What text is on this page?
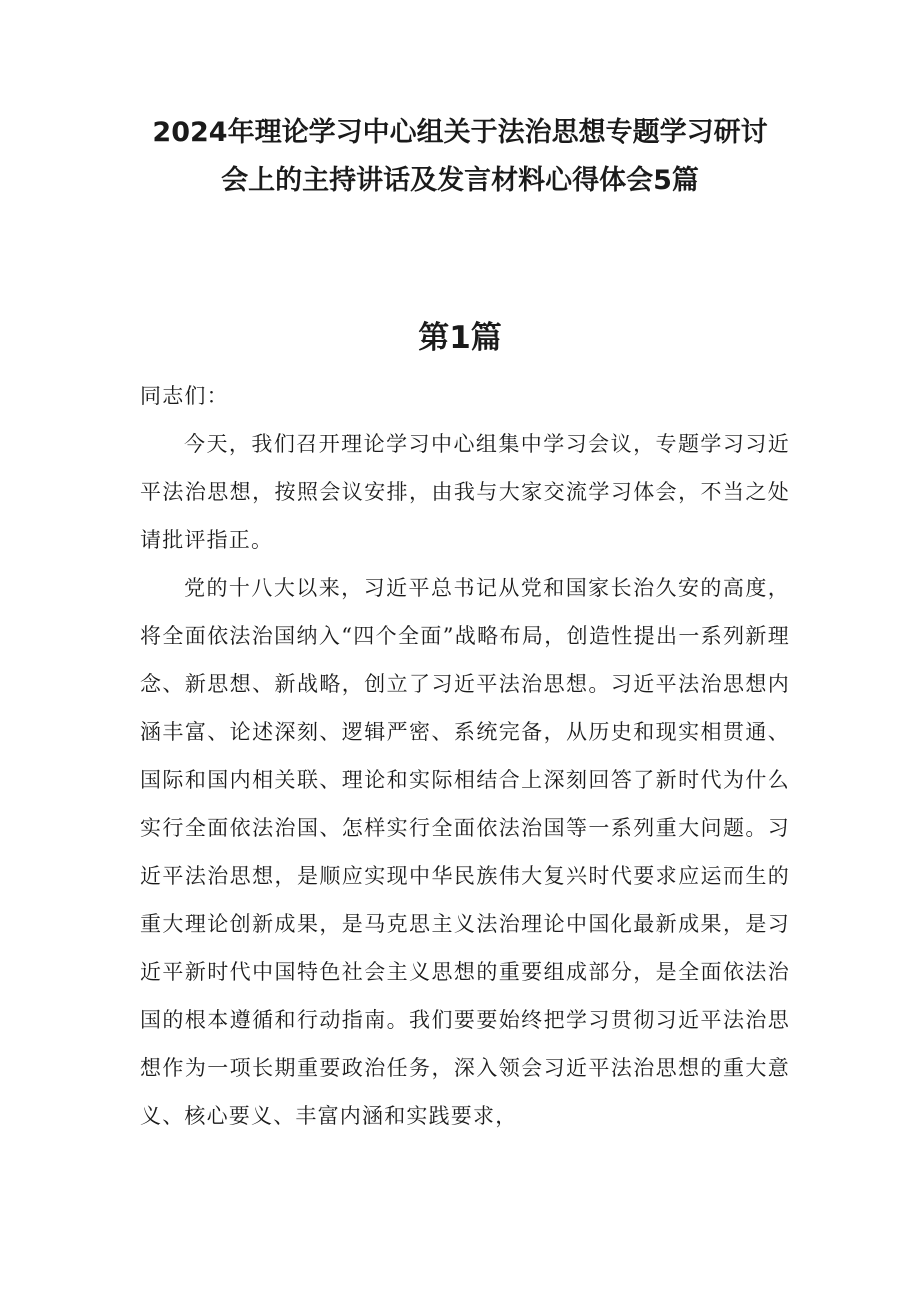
2024年理论学习中心组关于法治思想专题学习研讨
会上的主持讲话及发言材料心得体会5篇
第1篇

同志们：

今天，我们召开理论学习中心组集中学习会议，专题学习习近平法治思想，按照会议安排，由我与大家交流学习体会，不当之处请批评指正。

党的十八大以来，习近平总书记从党和国家长治久安的高度，将全面依法治国纳入“四个全面”战略布局，创造性提出一系列新理念、新思想、新战略，创立了习近平法治思想。习近平法治思想内涵丰富、论述深刻、逻辑严密、系统完备，从历史和现实相贯通、国际和国内相关联、理论和实际相结合上深刻回答了新时代为什么实行全面依法治国、怎样实行全面依法治国等一系列重大问题。习近平法治思想，是顺应实现中华民族伟大复兴时代要求应运而生的重大理论创新成果，是马克思主义法治理论中国化最新成果，是习近平新时代中国特色社会主义思想的重要组成部分，是全面依法治国的根本遵循和行动指南。我们要要始终把学习贯彻习近平法治思想作为一项长期重要政治任务，深入领会习近平法治思想的重大意义、核心要义、丰富内涵和实践要求，
